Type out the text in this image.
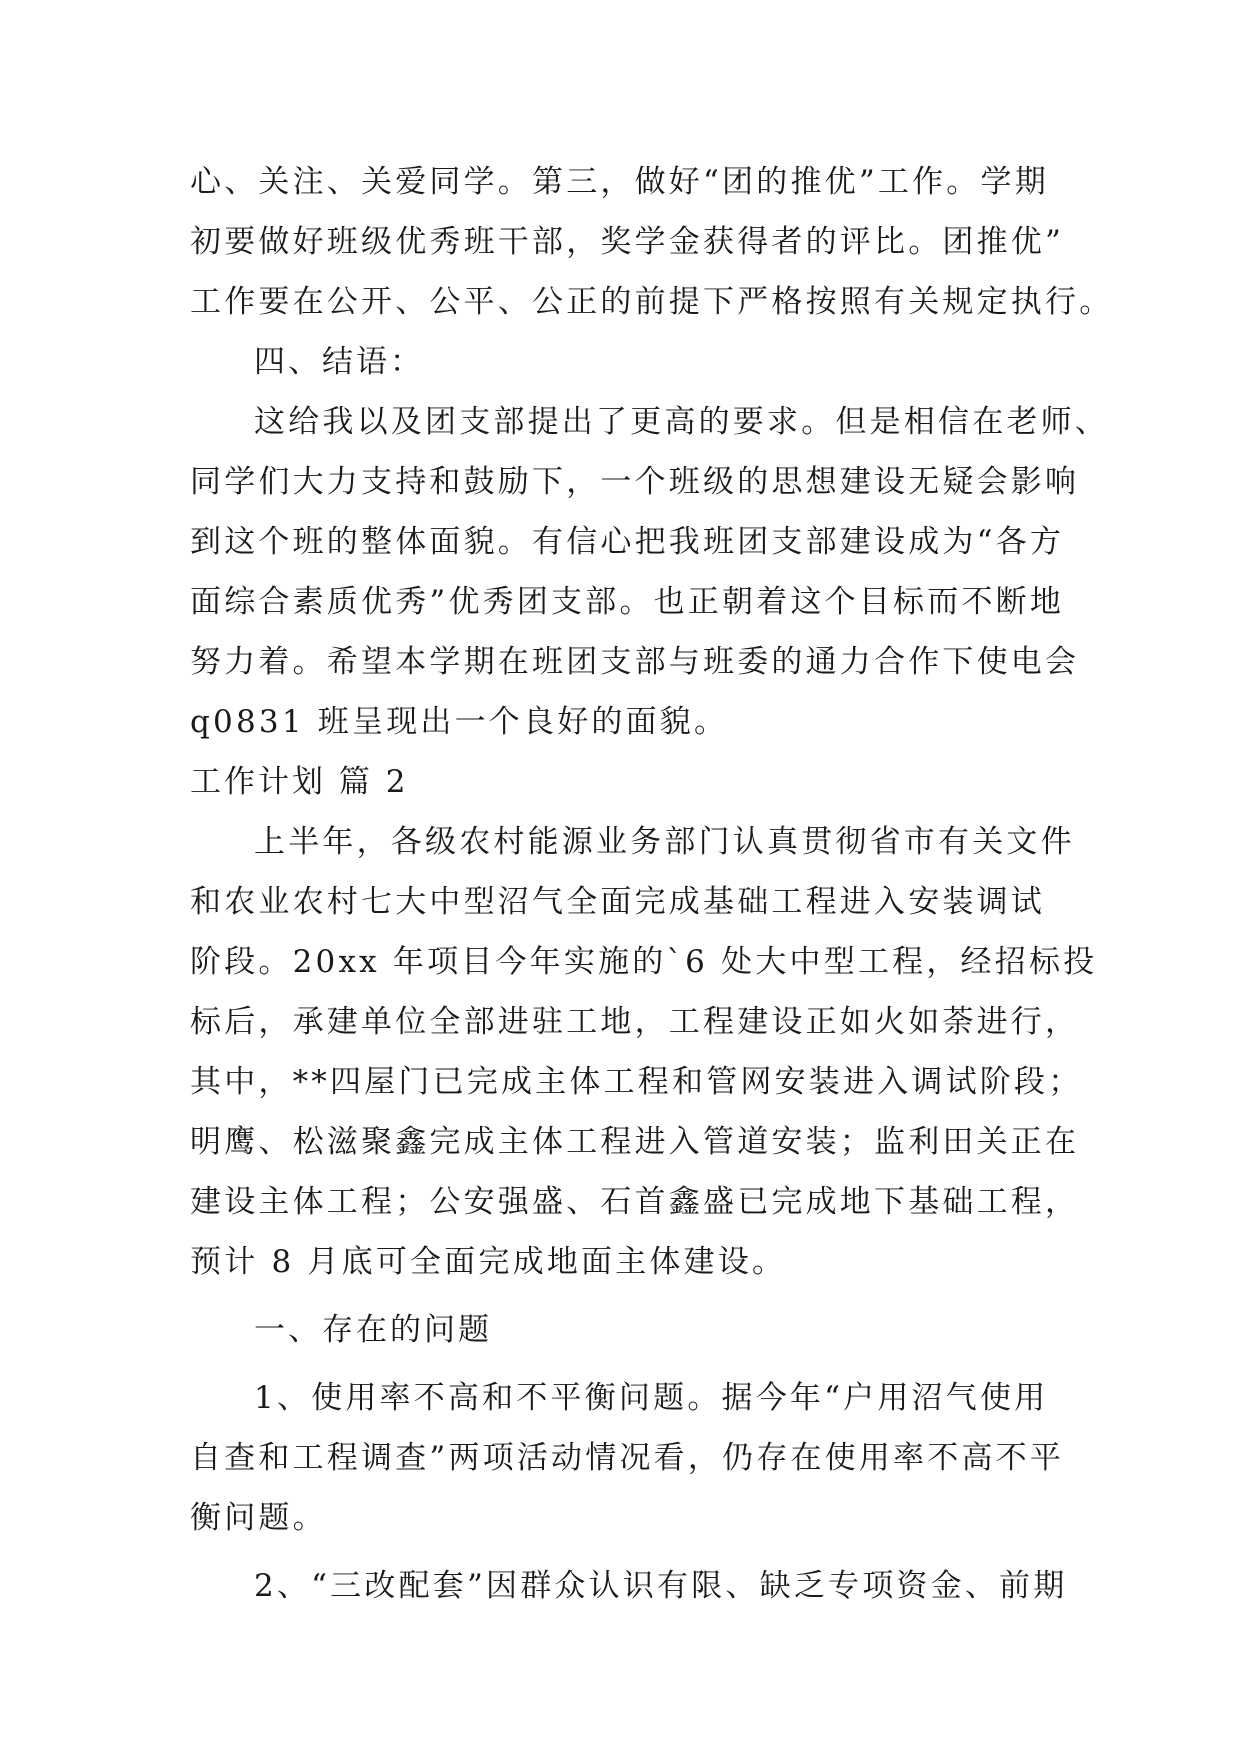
心、关注、关爱同学。第三，做好“团的推优”工作。学期
初要做好班级优秀班干部，奖学金获得者的评比。团推优”
工作要在公开、公平、公正的前提下严格按照有关规定执行。
四、结语：
这给我以及团支部提出了更高的要求。但是相信在老师、
同学们大力支持和鼓励下，一个班级的思想建设无疑会影响
到这个班的整体面貌。有信心把我班团支部建设成为“各方
面综合素质优秀”优秀团支部。也正朝着这个目标而不断地
努力着。希望本学期在班团支部与班委的通力合作下使电会
q0831 班呈现出一个良好的面貌。
工作计划 篇 2
上半年，各级农村能源业务部门认真贯彻省市有关文件
和农业农村七大中型沼气全面完成基础工程进入安装调试
阶段。20xx 年项目今年实施的`6 处大中型工程，经招标投
标后，承建单位全部进驻工地，工程建设正如火如荼进行，
其中，**四屋门已完成主体工程和管网安装进入调试阶段；
明鹰、松滋聚鑫完成主体工程进入管道安装；监利田关正在
建设主体工程；公安强盛、石首鑫盛已完成地下基础工程，
预计 8 月底可全面完成地面主体建设。
一、存在的问题
1、使用率不高和不平衡问题。据今年“户用沼气使用
自查和工程调查”两项活动情况看，仍存在使用率不高不平
衡问题。
2、“三改配套”因群众认识有限、缺乏专项资金、前期
